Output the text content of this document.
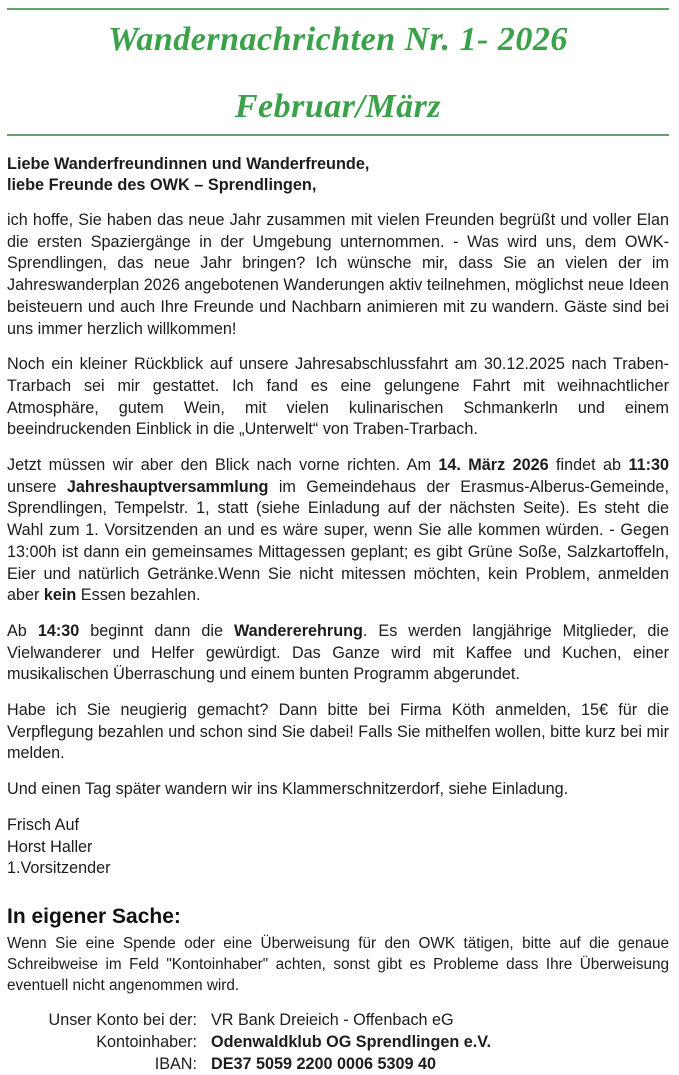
Wandernachrichten Nr. 1- 2026
Februar/März
Liebe Wanderfreundinnen und Wanderfreunde,
liebe Freunde des OWK – Sprendlingen,

ich hoffe, Sie haben das neue Jahr zusammen mit vielen Freunden begrüßt und voller Elan die ersten Spaziergänge in der Umgebung unternommen. - Was wird uns, dem OWK-Sprendlingen, das neue Jahr bringen? Ich wünsche mir, dass Sie an vielen der im Jahreswanderplan 2026 angebotenen Wanderungen aktiv teilnehmen, möglichst neue Ideen beisteuern und auch Ihre Freunde und Nachbarn animieren mit zu wandern. Gäste sind bei uns immer herzlich willkommen!

Noch ein kleiner Rückblick auf unsere Jahresabschlussfahrt am 30.12.2025 nach Traben-Trarbach sei mir gestattet. Ich fand es eine gelungene Fahrt mit weihnachtlicher Atmosphäre, gutem Wein, mit vielen kulinarischen Schmankerln und einem beeindruckenden Einblick in die „Unterwelt“ von Traben-Trarbach.

Jetzt müssen wir aber den Blick nach vorne richten. Am 14. März 2026 findet ab 11:30 unsere Jahreshauptversammlung im Gemeindehaus der Erasmus-Alberus-Gemeinde, Sprendlingen, Tempelstr. 1, statt (siehe Einladung auf der nächsten Seite). Es steht die Wahl zum 1. Vorsitzenden an und es wäre super, wenn Sie alle kommen würden. - Gegen 13:00h ist dann ein gemeinsames Mittagessen geplant; es gibt Grüne Soße, Salzkartoffeln, Eier und natürlich Getränke.Wenn Sie nicht mitessen möchten, kein Problem, anmelden aber kein Essen bezahlen.

Ab 14:30 beginnt dann die Wandererehrung. Es werden langjährige Mitglieder, die Vielwanderer und Helfer gewürdigt. Das Ganze wird mit Kaffee und Kuchen, einer musikalischen Überraschung und einem bunten Programm abgerundet.

Habe ich Sie neugierig gemacht? Dann bitte bei Firma Köth anmelden, 15€ für die Verpflegung bezahlen und schon sind Sie dabei! Falls Sie mithelfen wollen, bitte kurz bei mir melden.

Und einen Tag später wandern wir ins Klammerschnitzerdorf, siehe Einladung.

Frisch Auf
Horst Haller
1.Vorsitzender
In eigener Sache:

Wenn Sie eine Spende oder eine Überweisung für den OWK tätigen, bitte auf die genaue Schreibweise im Feld "Kontoinhaber" achten, sonst gibt es Probleme dass Ihre Überweisung eventuell nicht angenommen wird.

Unser Konto bei der: VR Bank Dreieich - Offenbach eG
Kontoinhaber: Odenwaldklub OG Sprendlingen e.V.
IBAN: DE37 5059 2200 0006 5309 40
